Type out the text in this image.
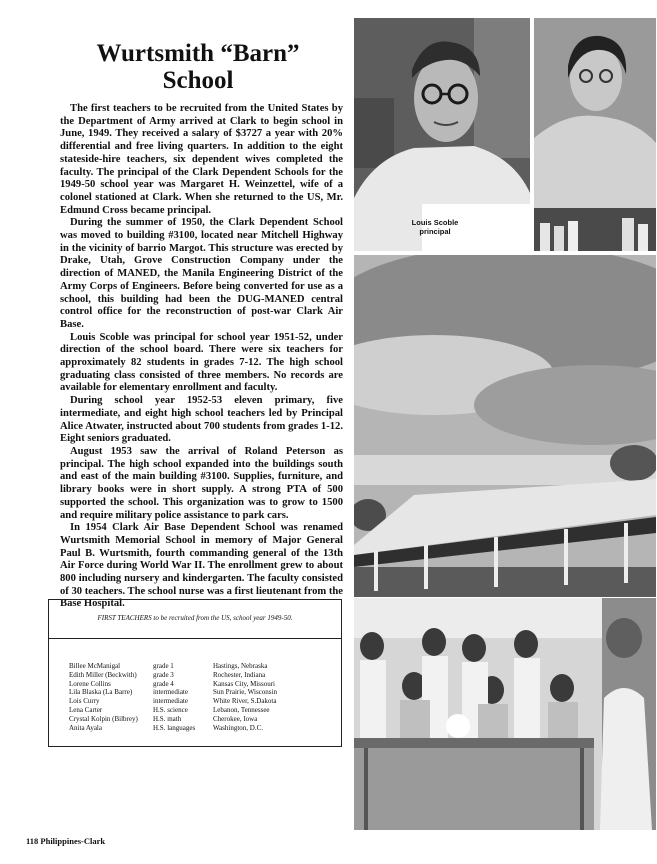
Wurtsmith “Barn”
School

The first teachers to be recruited from the United States by the Department of Army arrived at Clark to begin school in June, 1949. They received a salary of $3727 a year with 20% differential and free living quarters. In addition to the eight stateside-hire teachers, six dependent wives completed the faculty. The principal of the Clark Dependent Schools for the 1949-50 school year was Margaret H. Weinzettel, wife of a colonel stationed at Clark. When she returned to the US, Mr. Edmund Cross became principal.

During the summer of 1950, the Clark Dependent School was moved to building #3100, located near Mitchell Highway in the vicinity of barrio Margot. This structure was erected by Drake, Utah, Grove Construction Company under the direction of MANED, the Manila Engineering District of the Army Corps of Engineers. Before being converted for use as a school, this building had been the DUG-MANED central control office for the reconstruction of post-war Clark Air Base.

Louis Scoble was principal for school year 1951-52, under direction of the school board. There were six teachers for approximately 82 students in grades 7-12. The high school graduating class consisted of three members. No records are available for elementary enrollment and faculty.

During school year 1952-53 eleven primary, five intermediate, and eight high school teachers led by Principal Alice Atwater, instructed about 700 students from grades 1-12. Eight seniors graduated.

August 1953 saw the arrival of Roland Peterson as principal. The high school expanded into the buildings south and east of the main building #3100. Supplies, furniture, and library books were in short supply. A strong PTA of 500 supported the school. This organization was to grow to 1500 and require military police assistance to park cars.

In 1954 Clark Air Base Dependent School was renamed Wurtsmith Memorial School in memory of Major General Paul B. Wurtsmith, fourth commanding general of the 13th Air Force during World War II. The enrollment grew to about 800 including nursery and kindergarten. The faculty consisted of 30 teachers. The school nurse was a first lieutenant from the Base Hospital.

FIRST TEACHERS to be recruited from the US, school year 1949-50.
Billee McManigal
Edith Miller (Beckwith)
Lorene Collins
Lila Blaska (La Barre)
Lois Curry
Lena Carter
Crystal Kolpin (Bilbrey)
Anita Ayala
grade 1
grade 3
grade 4
intermediate
intermediate
H.S. science
H.S. math
H.S. languages
Hastings, Nebraska
Rochester, Indiana
Kansas City, Missouri
Sun Prairie, Wisconsin
White River, S.Dakota
Lebanon, Tennessee
Cherokee, Iowa
Washington, D.C.
Louis Scoble
principal
118 Philippines-Clark
